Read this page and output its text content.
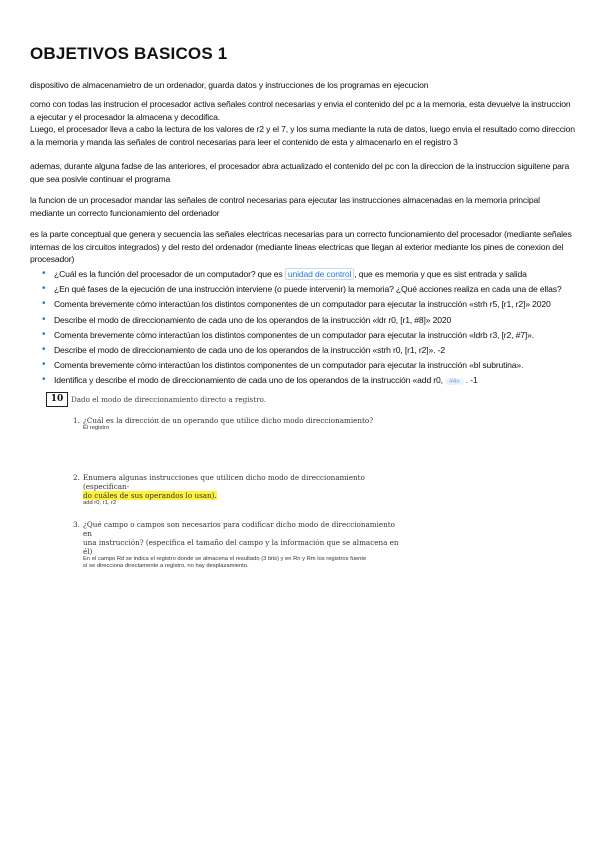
OBJETIVOS BASICOS 1

dispositivo de almacenamietro de un ordenador, guarda datos y instrucciones de los programas en ejecucion

como con todas las instrucion el procesador activa señales control necesarias y envia el contenido del pc a la memoria, esta devuelve la instruccion a ejecutar y el procesador la almacena y decodifica.

Luego, el procesador lleva a cabo la lectura de los valores de r2 y el 7, y los suma mediante la ruta de datos, luego envia el resultado como direccion a la memoria y manda las señales de control necesarias para leer el contenido de esta y almacenarlo en el registro 3

ademas, durante alguna fadse de las anteriores, el procesador abra actualizado el contenido del pc con la direccion de la instruccion siguitene para que sea posivle continuar el programa

la funcion de un procesador mandar las señales de control necesarias para ejecutar las instrucciones almacenadas en la memoria principal mediante un correcto funcionamiento del ordenador

es la parte conceptual que genera y secuencia las señales electricas necesarias para un correcto funcionamiento del procesador (mediante señales internas de los circuitos integrados) y del resto del ordenador (mediante lineas electricas que llegan al exterior mediante los pines de conexion del procesador)

• ¿Cuál es la función del procesador de un computador? que es unidad de control , que es memoria y que es sist entrada y salida
• ¿En qué fases de la ejecución de una instrucción interviene (o puede intervenir) la memoria? ¿Qué acciones realiza en cada una de ellas?
• Comenta brevemente cómo interactúan los distintos componentes de un computador para ejecutar la instrucción «strh r5, [r1, r2]» 2020
• Describe el modo de direccionamiento de cada uno de los operandos de la instrucción «ldr r0, [r1, #8]» 2020
• Comenta brevemente cómo interactúan los distintos componentes de un computador para ejecutar la instrucción «ldrb r3, [r2, #7]».
• Describe el modo de direccionamiento de cada uno de los operandos de la instrucción «strh r0, [r1, r2]». -2
• Comenta brevemente cómo interactúan los distintos componentes de un computador para ejecutar la instrucción «bl subrutina».
• Identifica y describe el modo de direccionamiento de cada uno de los operandos de la instrucción «add r0, #4» . -1
10	Dado el modo de direccionamiento directo a registro.
1. ¿Cuál es la dirección de un operando que utilice dicho modo direccionamiento?
El registro
2. Enumera algunas instrucciones que utilicen dicho modo de direccionamiento (especifican-
do cuáles de sus operandos lo usan).
add r0, r1, r2
3. ¿Qué campo o campos son necesarios para codificar dicho modo de direccionamiento en
una instrucción? (especifica el tamaño del campo y la información que se almacena en él)
En el campo Rd se indica el registro donde se almacena el resultado (3 bits) y en Rn y Rm los registros fuente
sí se direcciona directamente a registro, no hay desplazamiento.
